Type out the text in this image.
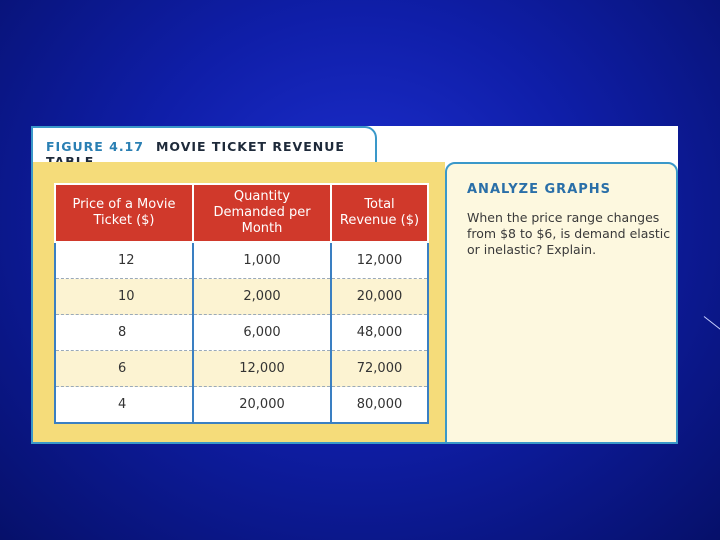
FIGURE 4.17 MOVIE TICKET REVENUE
Price of a Movie Ticket ($)	Quantity Demanded per Month	Total Revenue ($)
12	1,000	12,000
10	2,000	20,000
8	6,000	48,000
6	12,000	72,000
4	20,000	80,000
ANALYZE GRAPHS

When the price range changes from $8 to $6, is demand elastic or inelastic? Explain.
